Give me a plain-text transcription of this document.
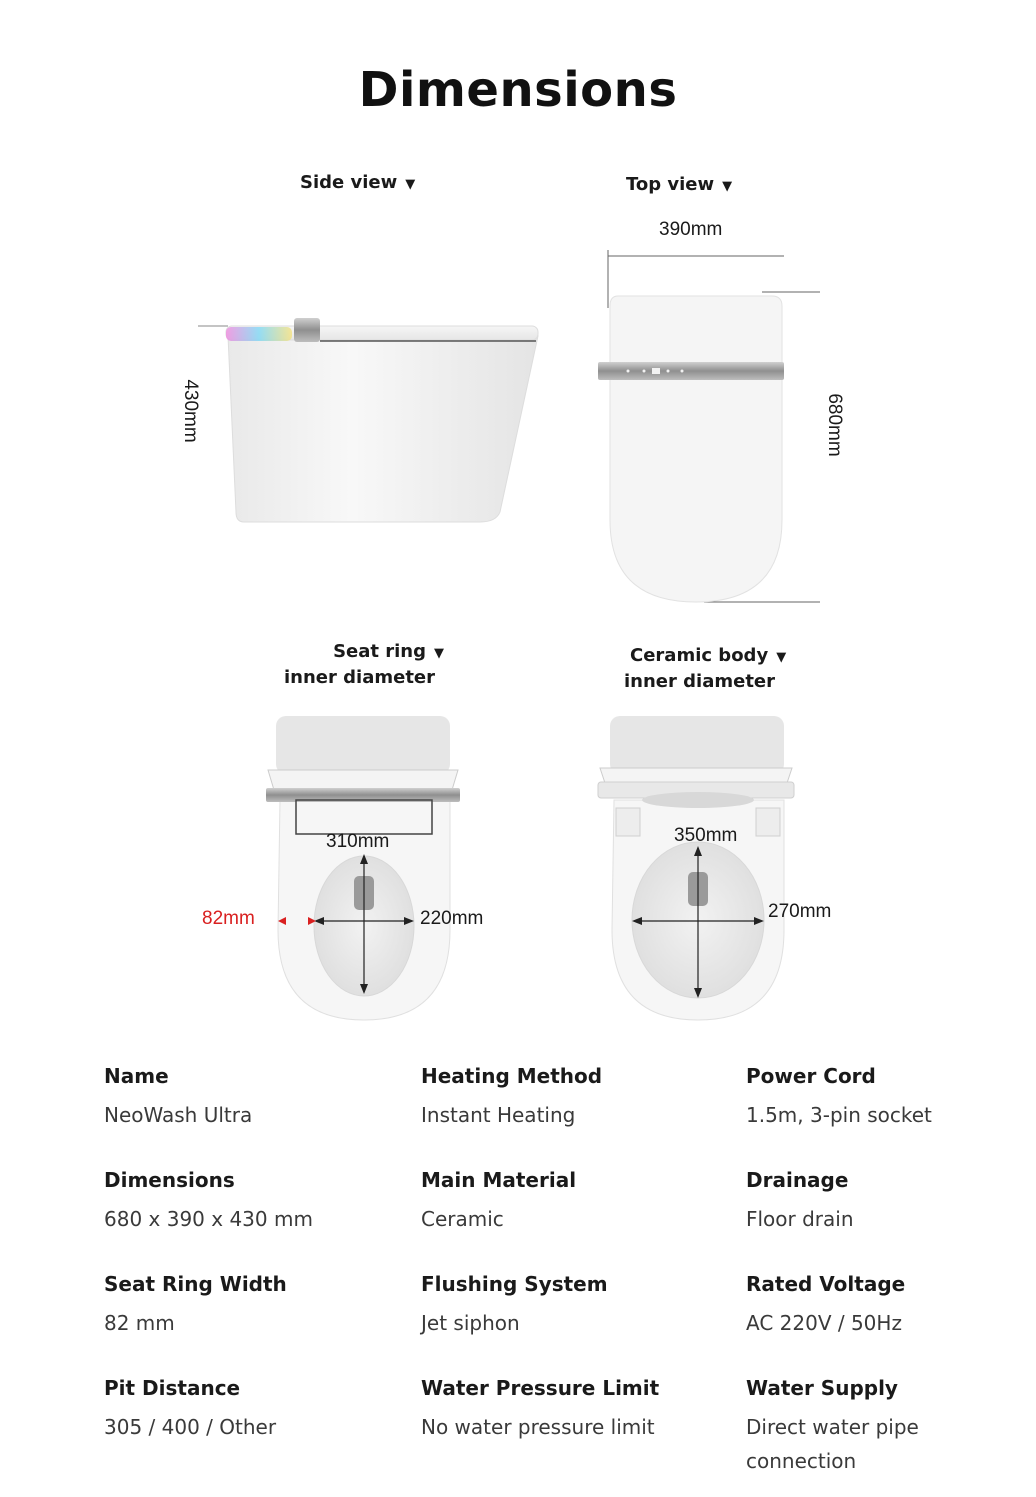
Dimensions
Side view ▼	Top view ▼
Seat ring ▼
inner diameter
Ceramic body ▼
inner diameter
430mm
390mm
680mm
310mm
220mm
82mm
350mm
270mm
Name
NeoWash Ultra
Heating Method
Instant Heating
Power Cord
1.5m, 3-pin socket
Dimensions
680 x 390 x 430 mm
Main Material
Ceramic
Drainage
Floor drain
Seat Ring Width
82 mm
Flushing System
Jet siphon
Rated Voltage
AC 220V / 50Hz
Pit Distance
305 / 400 / Other
Water Pressure Limit
No water pressure limit
Water Supply
Direct water pipe connection
